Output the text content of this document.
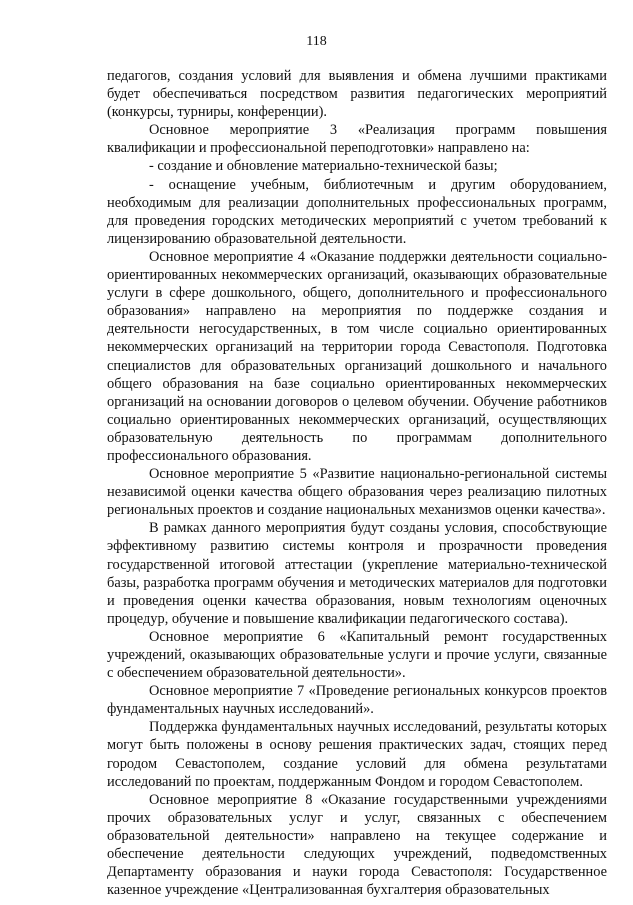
118

педагогов, создания условий для выявления и обмена лучшими практиками будет обеспечиваться посредством развития педагогических мероприятий (конкурсы, турниры, конференции).

Основное мероприятие 3 «Реализация программ повышения квалификации и профессиональной переподготовки» направлено на:

- создание и обновление материально-технической базы;

- оснащение учебным, библиотечным и другим оборудованием, необходимым для реализации дополнительных профессиональных программ, для проведения городских методических мероприятий с учетом требований к лицензированию образовательной деятельности.

Основное мероприятие 4 «Оказание поддержки деятельности социально-ориентированных некоммерческих организаций, оказывающих образовательные услуги в сфере дошкольного, общего, дополнительного и профессионального образования» направлено на мероприятия по поддержке создания и деятельности негосударственных, в том числе социально ориентированных некоммерческих организаций на территории города Севастополя. Подготовка специалистов для образовательных организаций дошкольного и начального общего образования на базе социально ориентированных некоммерческих организаций на основании договоров о целевом обучении. Обучение работников социально ориентированных некоммерческих организаций, осуществляющих образовательную деятельность по программам дополнительного профессионального образования.

Основное мероприятие 5 «Развитие национально-региональной системы независимой оценки качества общего образования через реализацию пилотных региональных проектов и создание национальных механизмов оценки качества».

В рамках данного мероприятия будут созданы условия, способствующие эффективному развитию системы контроля и прозрачности проведения государственной итоговой аттестации (укрепление материально-технической базы, разработка программ обучения и методических материалов для подготовки и проведения оценки качества образования, новым технологиям оценочных процедур, обучение и повышение квалификации педагогического состава).

Основное мероприятие 6 «Капитальный ремонт государственных учреждений, оказывающих образовательные услуги и прочие услуги, связанные с обеспечением образовательной деятельности».

Основное мероприятие 7 «Проведение региональных конкурсов проектов фундаментальных научных исследований».

Поддержка фундаментальных научных исследований, результаты которых могут быть положены в основу решения практических задач, стоящих перед городом Севастополем, создание условий для обмена результатами исследований по проектам, поддержанным Фондом и городом Севастополем.

Основное мероприятие 8 «Оказание государственными учреждениями прочих образовательных услуг и услуг, связанных с обеспечением образовательной деятельности» направлено на текущее содержание и обеспечение деятельности следующих учреждений, подведомственных Департаменту образования и науки города Севастополя: Государственное казенное учреждение «Централизованная бухгалтерия образовательных
